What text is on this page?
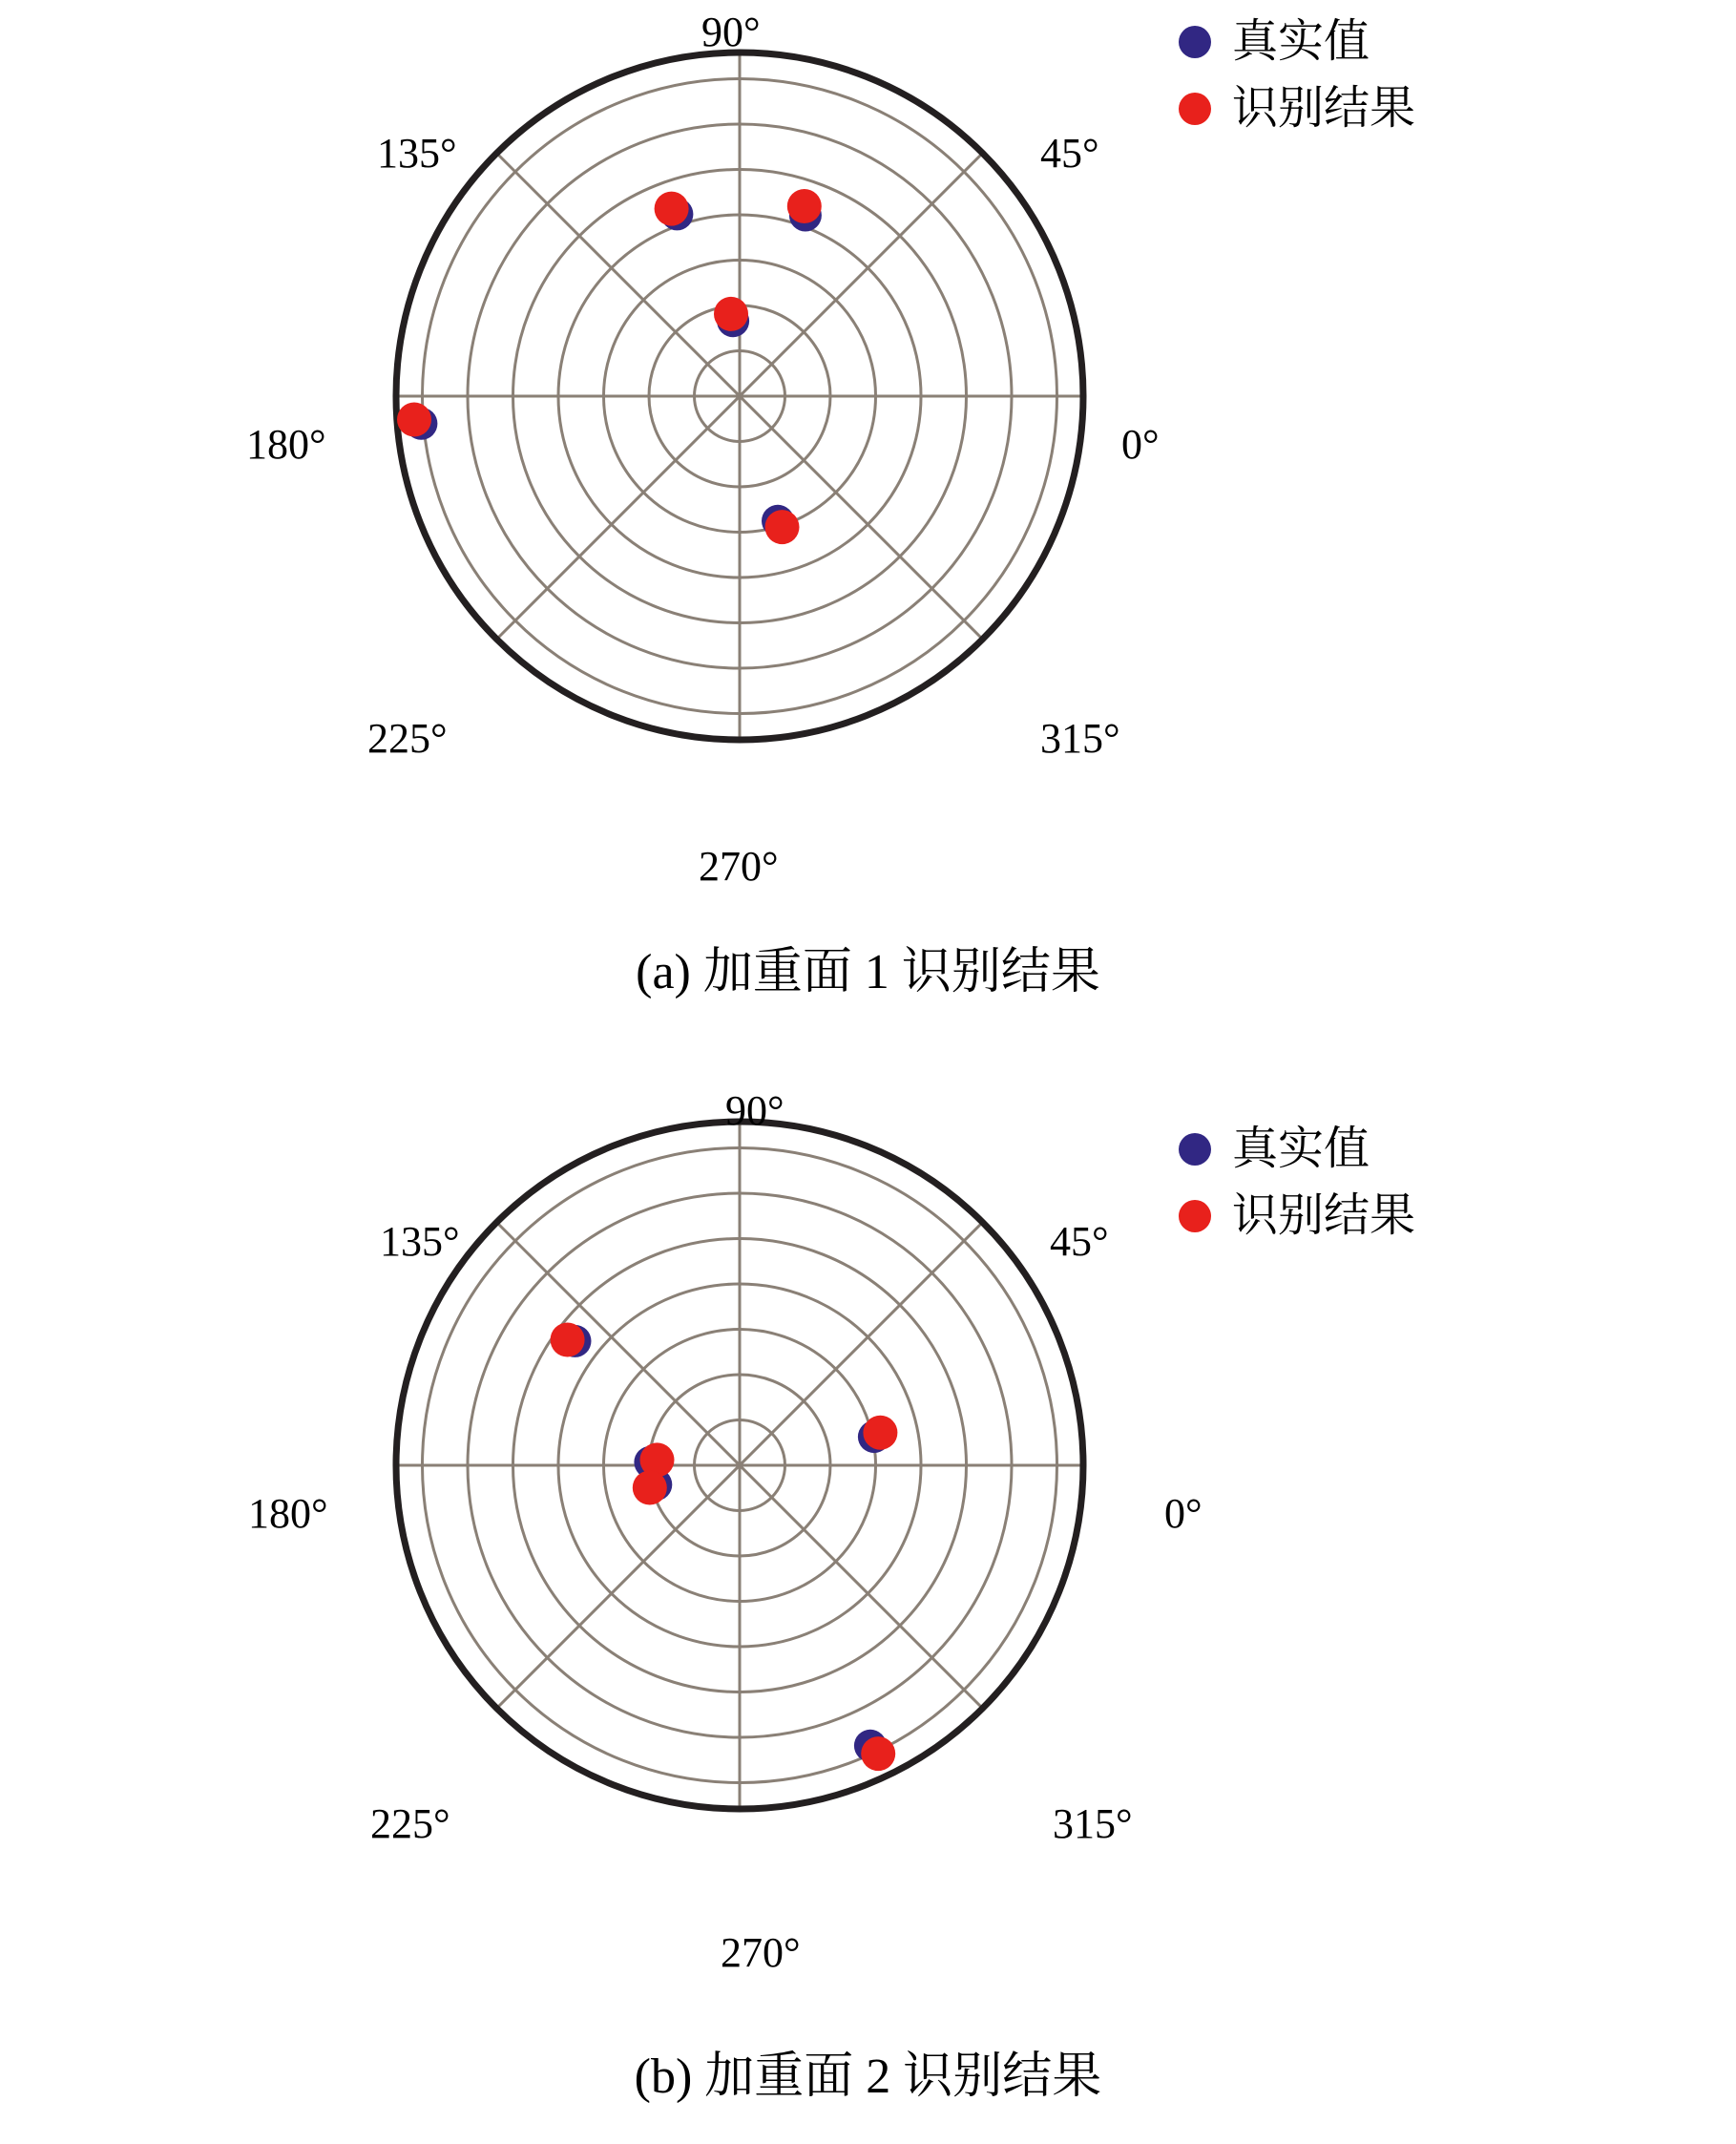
0°
45°
90°
135°
180°
225°
270°
315°
真实值
识别结果
(a) 加重面 1 识别结果
0°
45°
90°
135°
180°
225°
270°
315°
真实值
识别结果
(b) 加重面 2 识别结果
